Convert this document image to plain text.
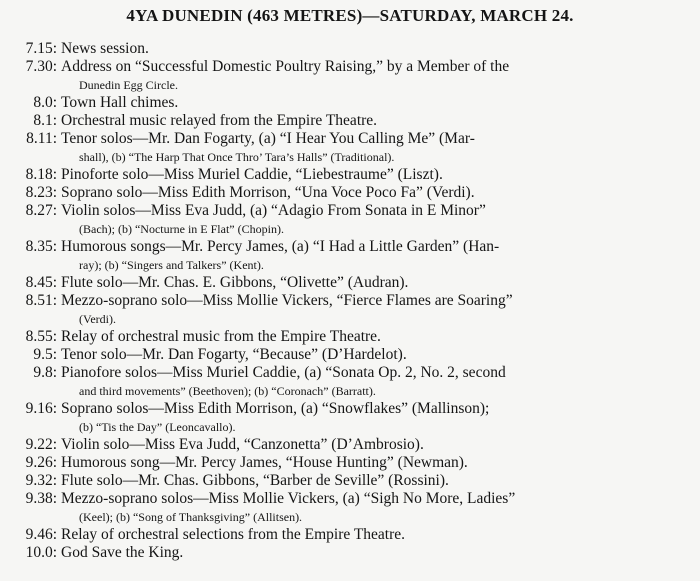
4YA DUNEDIN (463 METRES)—SATURDAY, MARCH 24.
7.15: News session.
7.30: Address on “Successful Domestic Poultry Raising,” by a Member of the
Dunedin Egg Circle.
8.0: Town Hall chimes.
8.1: Orchestral music relayed from the Empire Theatre.
8.11: Tenor solos—Mr. Dan Fogarty, (a) “I Hear You Calling Me” (Mar-
shall), (b) “The Harp That Once Thro’ Tara’s Halls” (Traditional).
8.18: Pinoforte solo—Miss Muriel Caddie, “Liebestraume” (Liszt).
8.23: Soprano solo—Miss Edith Morrison, “Una Voce Poco Fa” (Verdi).
8.27: Violin solos—Miss Eva Judd, (a) “Adagio From Sonata in E Minor”
(Bach); (b) “Nocturne in E Flat” (Chopin).
8.35: Humorous songs—Mr. Percy James, (a) “I Had a Little Garden” (Han-
ray); (b) “Singers and Talkers” (Kent).
8.45: Flute solo—Mr. Chas. E. Gibbons, “Olivette” (Audran).
8.51: Mezzo-soprano solo—Miss Mollie Vickers, “Fierce Flames are Soaring”
(Verdi).
8.55: Relay of orchestral music from the Empire Theatre.
9.5: Tenor solo—Mr. Dan Fogarty, “Because” (D’Hardelot).
9.8: Pianofore solos—Miss Muriel Caddie, (a) “Sonata Op. 2, No. 2, second
and third movements” (Beethoven); (b) “Coronach” (Barratt).
9.16: Soprano solos—Miss Edith Morrison, (a) “Snowflakes” (Mallinson);
(b) “Tis the Day” (Leoncavallo).
9.22: Violin solo—Miss Eva Judd, “Canzonetta” (D’Ambrosio).
9.26: Humorous song—Mr. Percy James, “House Hunting” (Newman).
9.32: Flute solo—Mr. Chas. Gibbons, “Barber de Seville” (Rossini).
9.38: Mezzo-soprano solos—Miss Mollie Vickers, (a) “Sigh No More, Ladies”
(Keel); (b) “Song of Thanksgiving” (Allitsen).
9.46: Relay of orchestral selections from the Empire Theatre.
10.0: God Save the King.
